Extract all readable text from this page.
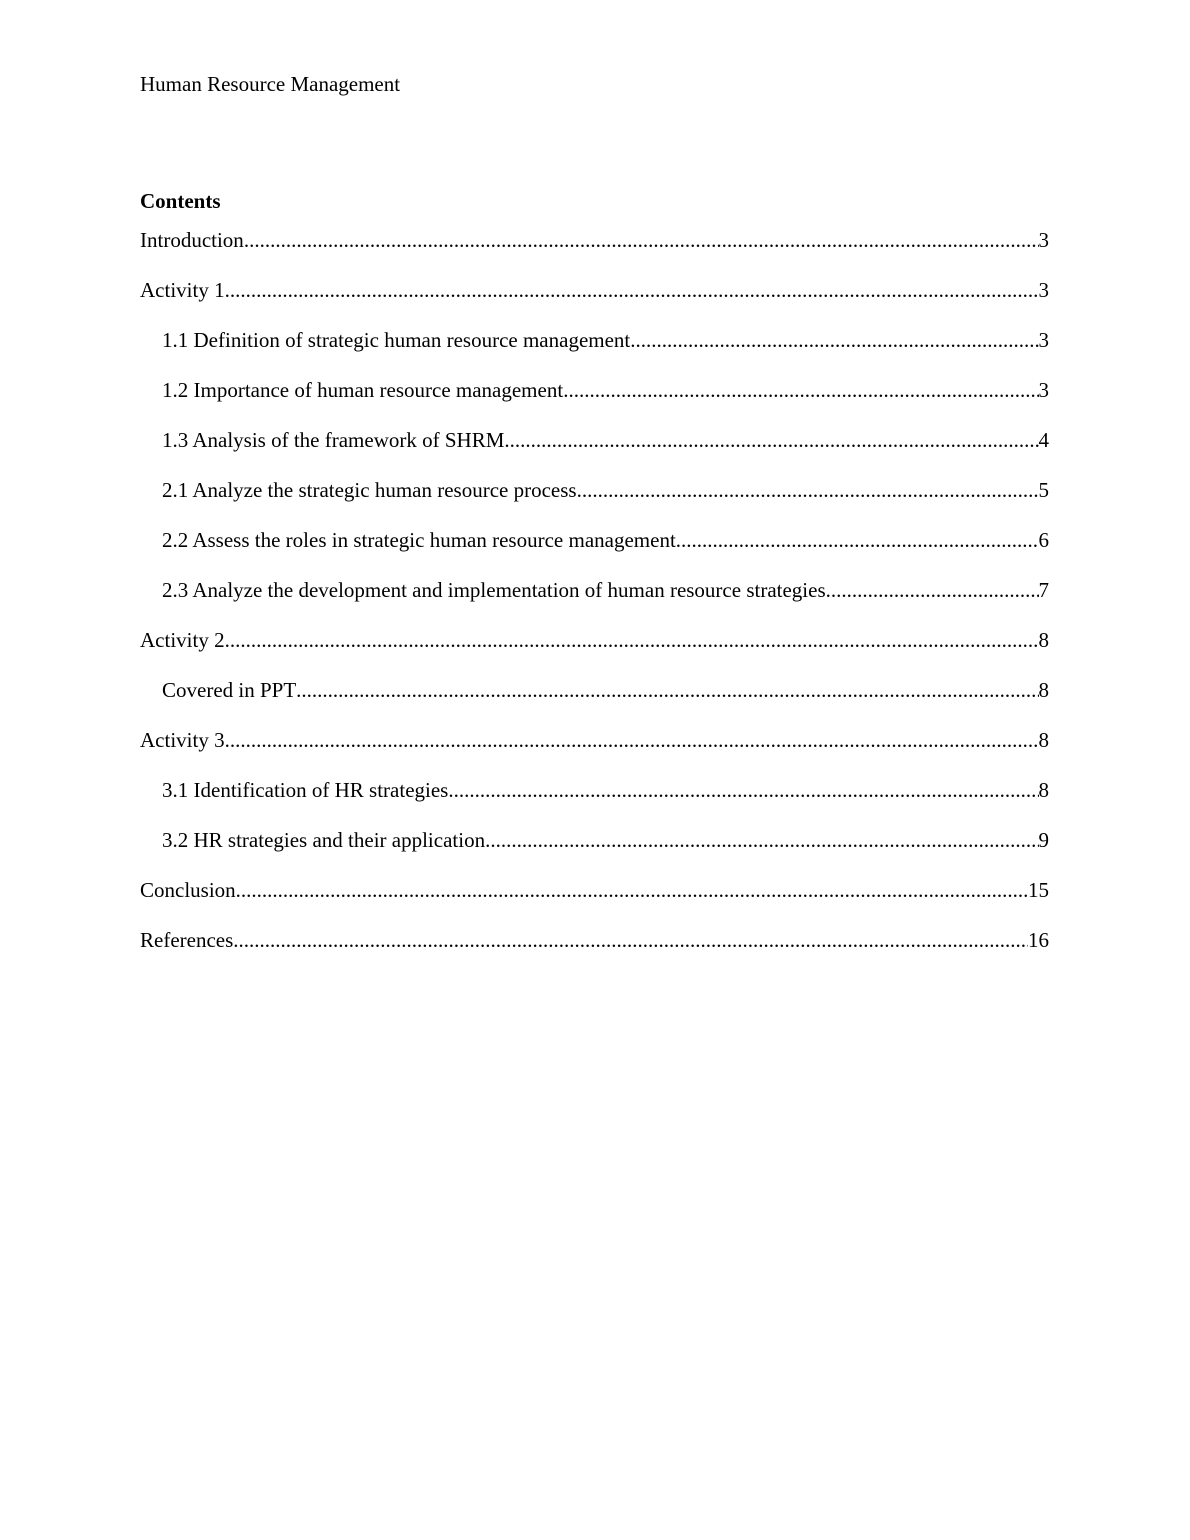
Human Resource Management
Contents
Introduction .....	3
Activity 1 .....	3
1.1 Definition of strategic human resource management .....	3
1.2 Importance of human resource management .....	3
1.3 Analysis of the framework of SHRM .....	4
2.1 Analyze the strategic human resource process .....	5
2.2 Assess the roles in strategic human resource management .....	6
2.3 Analyze the development and implementation of human resource strategies .....	7
Activity 2 .....	8
Covered in PPT .....	8
Activity 3 .....	8
3.1 Identification of HR strategies .....	8
3.2 HR strategies and their application .....	9
Conclusion .....	15
References .....	16
